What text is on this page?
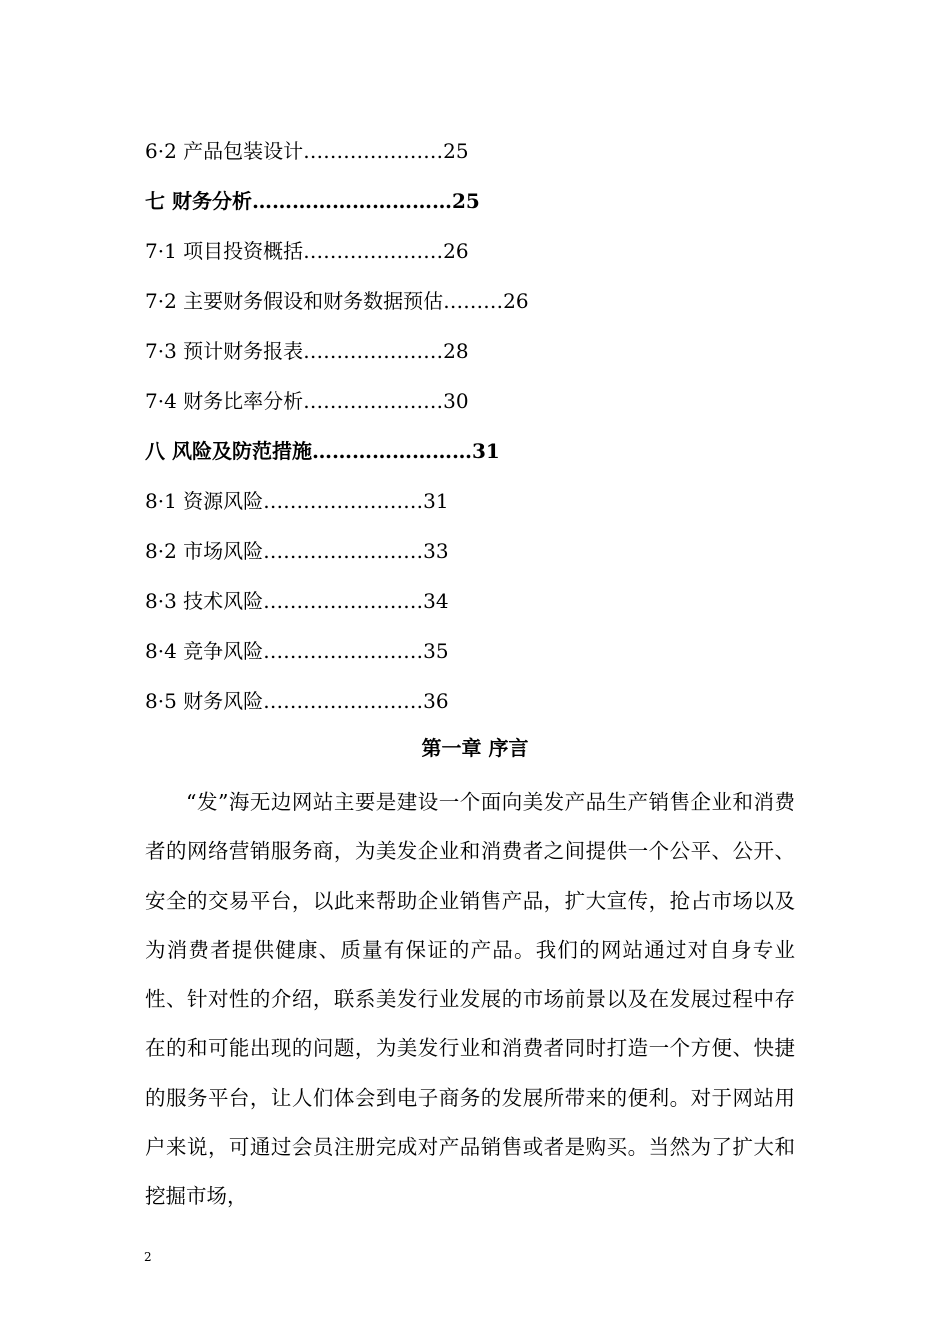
6·2 产品包装设计…………………25
七 财务分析…………………………25
7·1 项目投资概括…………………26
7·2 主要财务假设和财务数据预估………26
7·3 预计财务报表…………………28
7·4 财务比率分析…………………30
八 风险及防范措施……………………31
8·1 资源风险……………………31
8·2 市场风险……………………33
8·3 技术风险……………………34
8·4 竞争风险……………………35
8·5 财务风险……………………36
第一章 序言

“发”海无边网站主要是建设一个面向美发产品生产销售企业和消费者的网络营销服务商，为美发企业和消费者之间提供一个公平、公开、安全的交易平台，以此来帮助企业销售产品，扩大宣传，抢占市场以及为消费者提供健康、质量有保证的产品。我们的网站通过对自身专业性、针对性的介绍，联系美发行业发展的市场前景以及在发展过程中存在的和可能出现的问题，为美发行业和消费者同时打造一个方便、快捷的服务平台，让人们体会到电子商务的发展所带来的便利。对于网站用户来说，可通过会员注册完成对产品销售或者是购买。当然为了扩大和挖掘市场，

2
